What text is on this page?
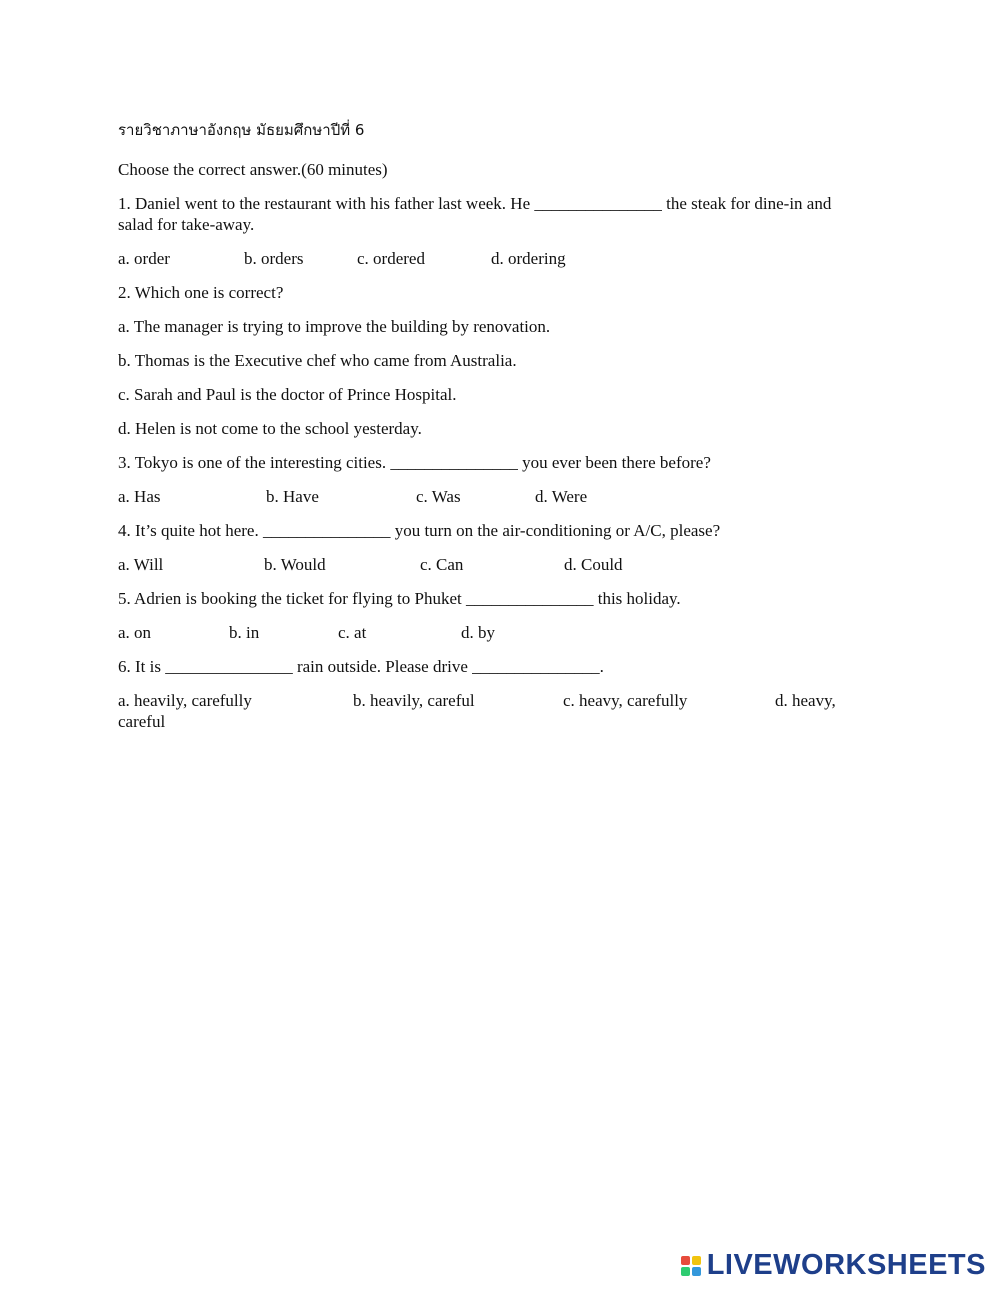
รายวิชาภาษาอังกฤษ มัธยมศึกษาปีที่ 6

Choose the correct answer.(60 minutes)

1. Daniel went to the restaurant with his father last week. He _______________ the steak for dine-in and
salad for take-away.

a. order	b. orders	c. ordered	d. ordering

2. Which one is correct?

a. The manager is trying to improve the building by renovation.

b. Thomas is the Executive chef who came from Australia.

c. Sarah and Paul is the doctor of Prince Hospital.

d. Helen is not come to the school yesterday.

3. Tokyo is one of the interesting cities. _______________ you ever been there before?

a. Has	b. Have	c. Was	d. Were

4. It’s quite hot here. _______________ you turn on the air-conditioning or A/C, please?

a. Will	b. Would	c. Can	d. Could

5. Adrien is booking the ticket for flying to Phuket _______________ this holiday.

a. on	b. in	c. at	d. by

6. It is _______________ rain outside. Please drive _______________.

a. heavily, carefully	b. heavily, careful	c. heavy, carefully	d. heavy,
careful
LIVEWORKSHEETS
